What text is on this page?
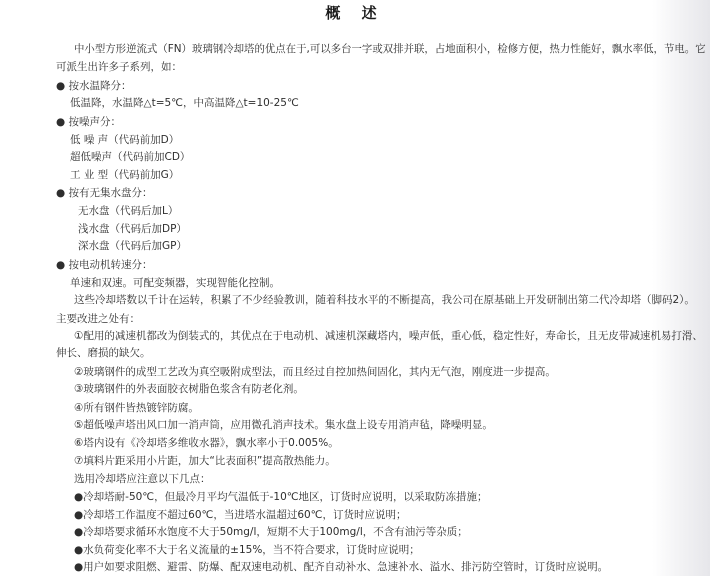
概 述
中小型方形逆流式（FN）玻璃钢冷却塔的优点在于,可以多台一字或双排并联，占地面积小，检修方便，热力性能好，飘水率低，节电。它
可派生出许多子系列，如：
● 按水温降分：
低温降，水温降△t=5℃，中高温降△t=10-25℃
● 按噪声分：
低 噪 声（代码前加D）
超低噪声（代码前加CD）
工 业 型（代码前加G）
● 按有无集水盘分：
无水盘（代码后加L）
浅水盘（代码后加DP）
深水盘（代码后加GP）
● 按电动机转速分：
单速和双速。可配变频器，实现智能化控制。
这些冷却塔数以千计在运转，积累了不少经验教训，随着科技水平的不断提高，我公司在原基础上开发研制出第二代冷却塔（脚码2）。
主要改进之处有：
①配用的减速机都改为倒装式的，其优点在于电动机、减速机深藏塔内，噪声低，重心低，稳定性好，寿命长，且无皮带减速机易打滑、
伸长、磨损的缺欠。
②玻璃钢件的成型工艺改为真空吸附成型法，而且经过自控加热间固化，其内无气泡，刚度进一步提高。
③玻璃钢件的外表面胶衣树脂色浆含有防老化剂。
④所有钢件皆热镀锌防腐。
⑤超低噪声塔出风口加一消声筒，应用微孔消声技术。集水盘上设专用消声毡，降噪明显。
⑥塔内设有《冷却塔多维收水器》，飘水率小于0.005%。
⑦填料片距采用小片距，加大“比表面积”提高散热能力。
选用冷却塔应注意以下几点：
●冷却塔耐-50℃，但最冷月平均气温低于-10℃地区，订货时应说明，以采取防冻措施；
●冷却塔工作温度不超过60℃，当进塔水温超过60℃，订货时应说明；
●冷却塔要求循环水饱度不大于50mg/l，短期不大于100mg/l，不含有油污等杂质；
●水负荷变化率不大于名义流量的±15%，当不符合要求，订货时应说明；
●用户如要求阻燃、避雷、防爆、配双速电动机、配齐自动补水、急速补水、溢水、排污防空管时，订货时应说明。
